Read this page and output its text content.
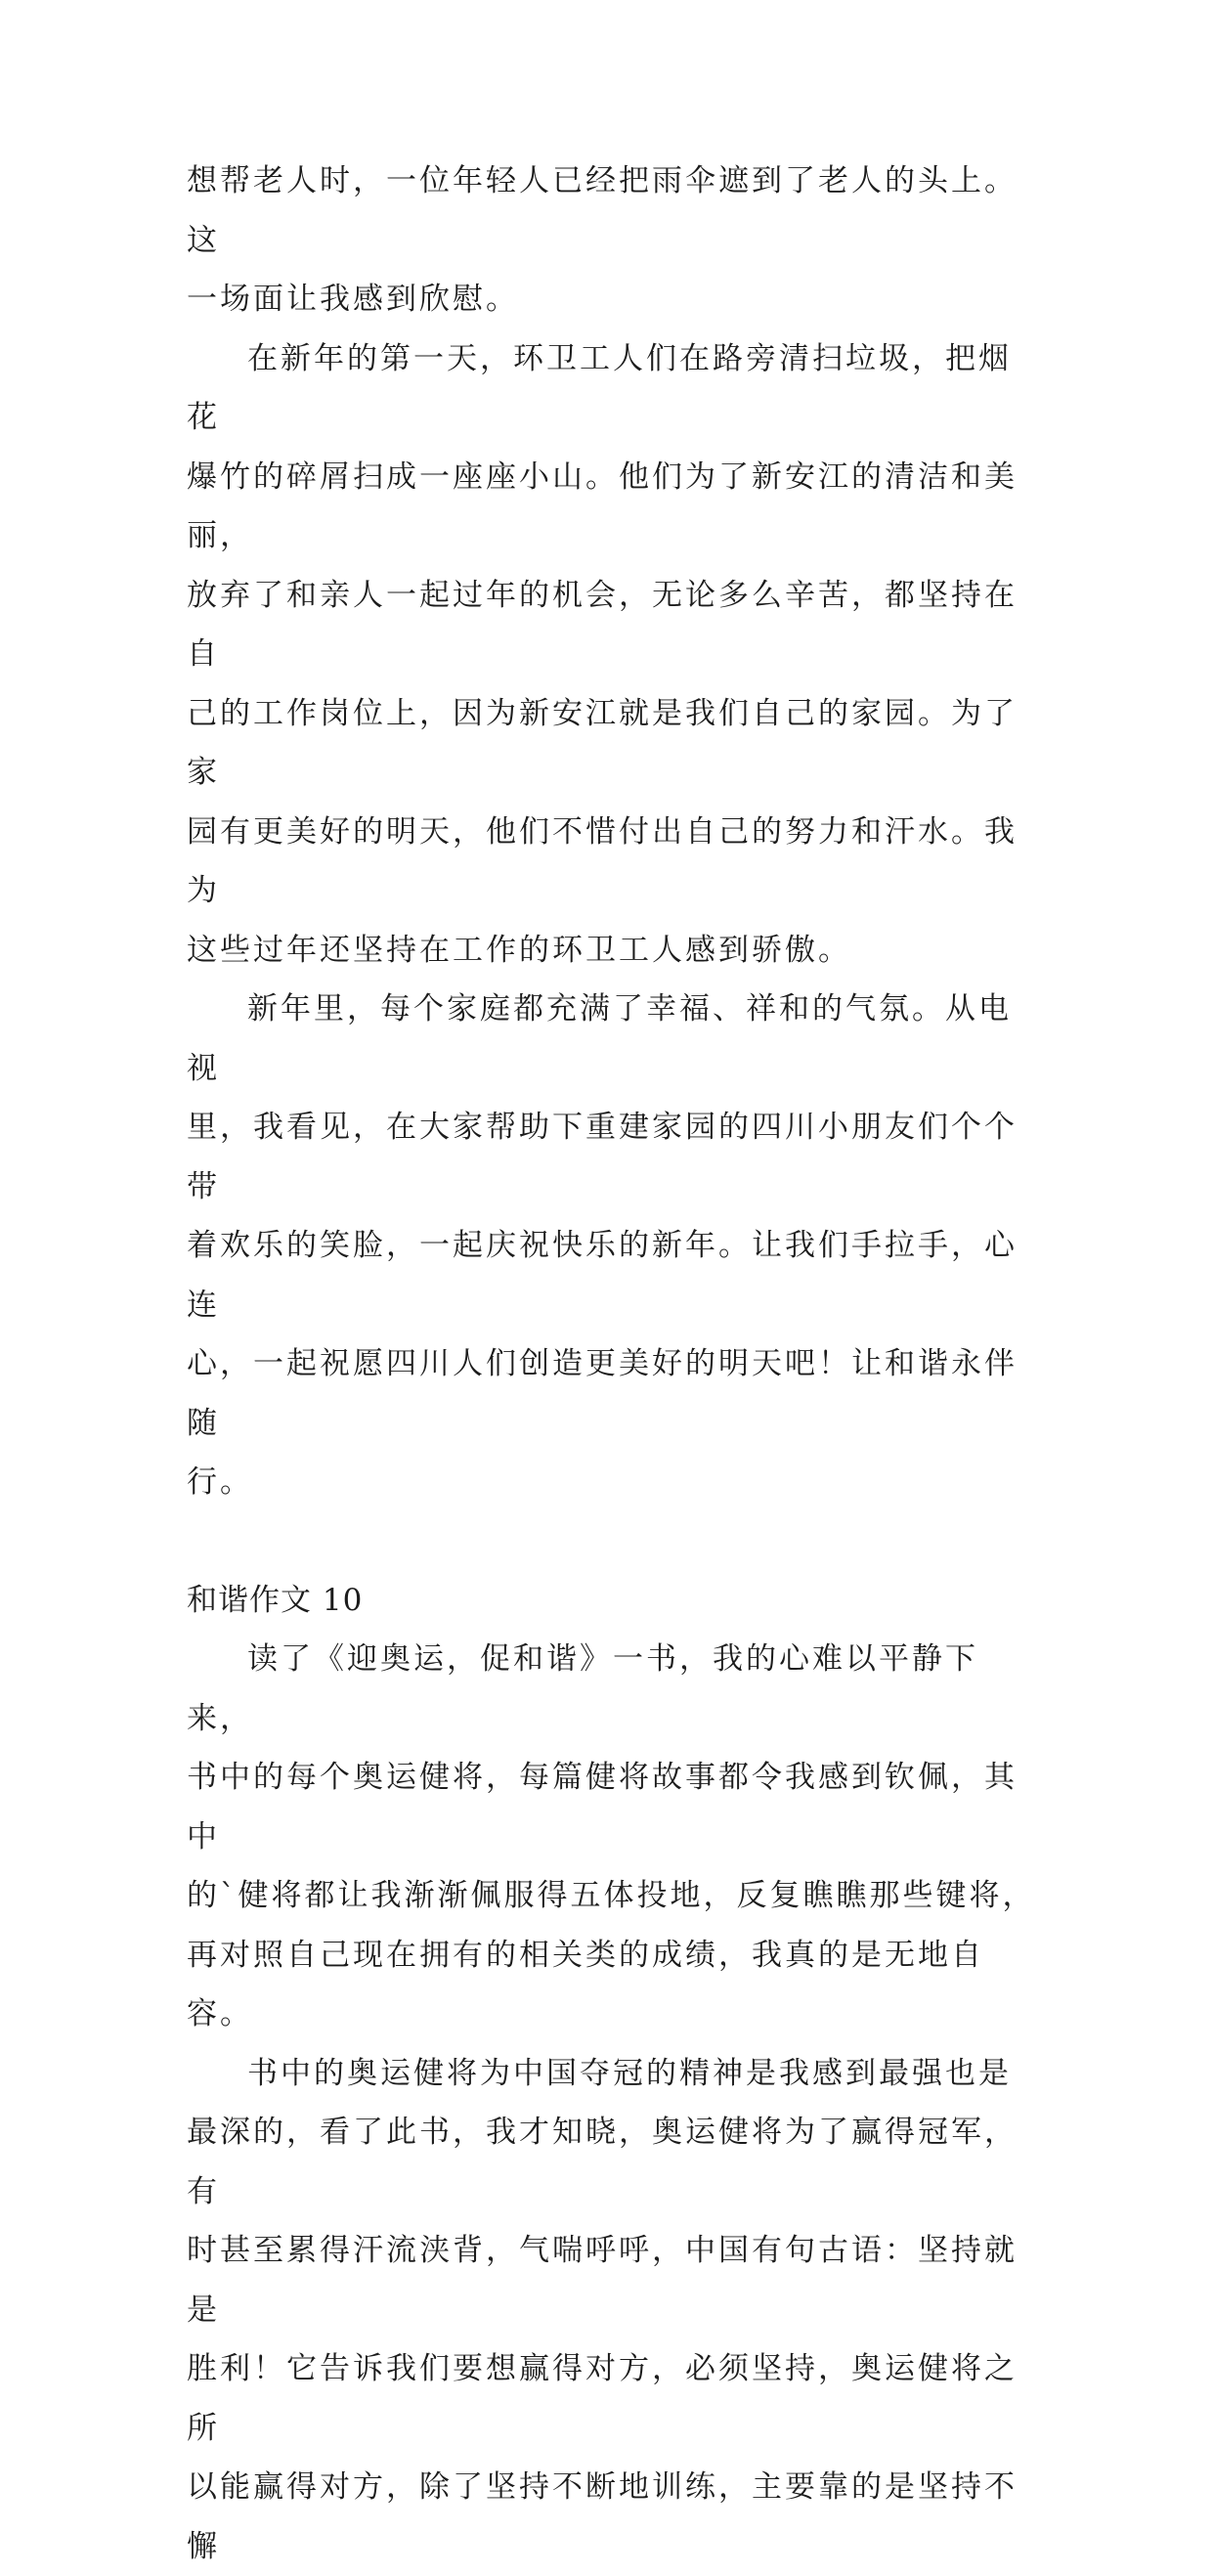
想帮老人时，一位年轻人已经把雨伞遮到了老人的头上。这
一场面让我感到欣慰。

在新年的第一天，环卫工人们在路旁清扫垃圾，把烟花
爆竹的碎屑扫成一座座小山。他们为了新安江的清洁和美丽，
放弃了和亲人一起过年的机会，无论多么辛苦，都坚持在自
己的工作岗位上，因为新安江就是我们自己的家园。为了家
园有更美好的明天，他们不惜付出自己的努力和汗水。我为
这些过年还坚持在工作的环卫工人感到骄傲。

新年里，每个家庭都充满了幸福、祥和的气氛。从电视
里，我看见，在大家帮助下重建家园的四川小朋友们个个带
着欢乐的笑脸，一起庆祝快乐的新年。让我们手拉手，心连
心，一起祝愿四川人们创造更美好的明天吧！让和谐永伴随
行。

和谐作文 10

读了《迎奥运，促和谐》一书，我的心难以平静下来，
书中的每个奥运健将，每篇健将故事都令我感到钦佩，其中
的`健将都让我渐渐佩服得五体投地，反复瞧瞧那些键将，
再对照自己现在拥有的相关类的成绩，我真的是无地自容。

书中的奥运健将为中国夺冠的精神是我感到最强也是
最深的，看了此书，我才知晓，奥运健将为了赢得冠军，有
时甚至累得汗流浃背，气喘呼呼，中国有句古语：坚持就是
胜利！它告诉我们要想赢得对方，必须坚持，奥运健将之所
以能赢得对方，除了坚持不断地训练，主要靠的是坚持不懈
